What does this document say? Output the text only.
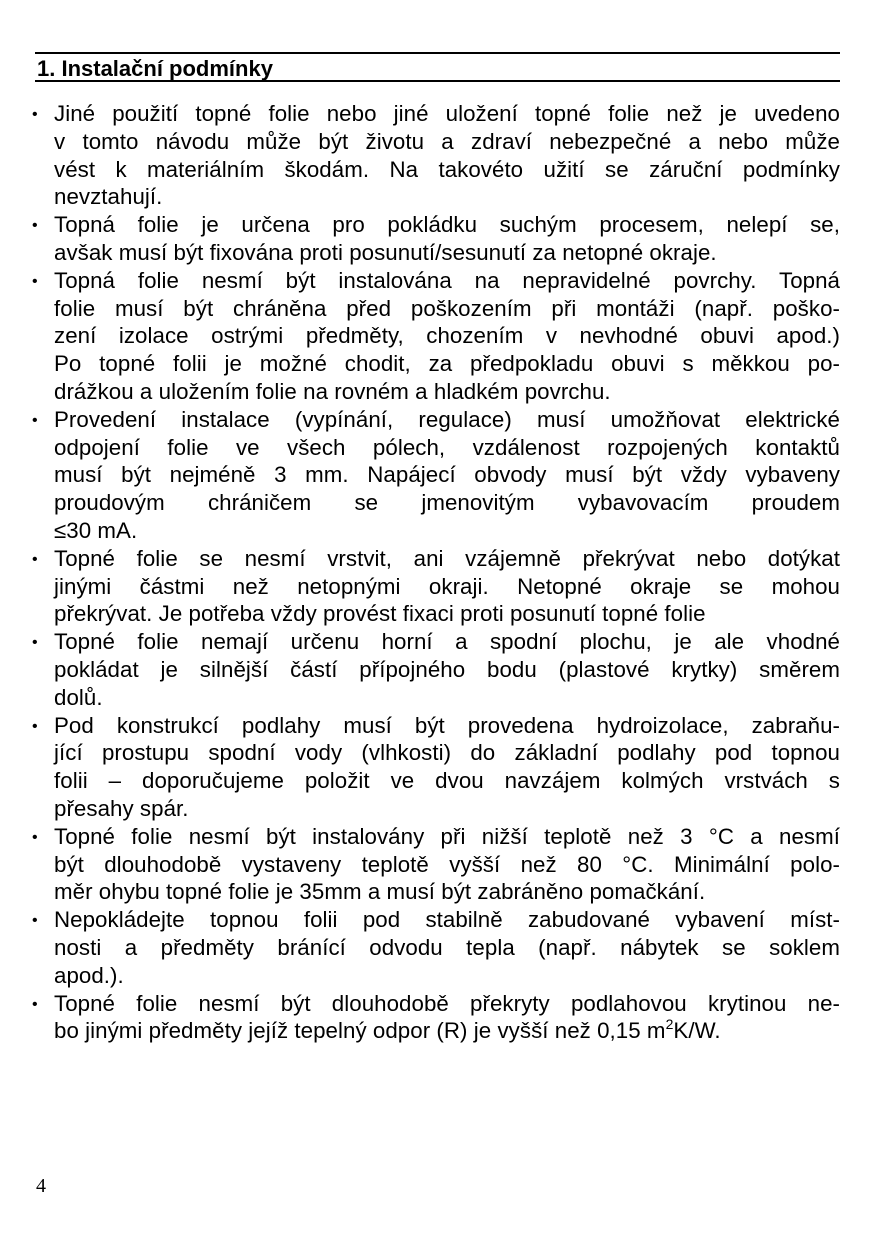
1. Instalační podmínky
• Jiné použití topné folie nebo jiné uložení topné folie než je uvedeno
v tomto návodu může být životu a zdraví nebezpečné a nebo může
vést k materiálním škodám. Na takovéto užití se záruční podmínky
nevztahují.
• Topná folie je určena pro pokládku suchým procesem, nelepí se,
avšak musí být fixována proti posunutí/sesunutí za netopné okraje.
• Topná folie nesmí být instalována na nepravidelné povrchy. Topná
folie musí být chráněna před poškozením při montáži (např. poško-
zení izolace ostrými předměty, chozením v nevhodné obuvi apod.)
Po topné folii je možné chodit, za předpokladu obuvi s měkkou po-
drážkou a uložením folie na rovném a hladkém povrchu.
• Provedení instalace (vypínání, regulace) musí umožňovat elektrické
odpojení folie ve všech pólech, vzdálenost rozpojených kontaktů
musí být nejméně 3 mm. Napájecí obvody musí být vždy vybaveny
proudovým chráničem se jmenovitým vybavovacím proudem
≤30 mA.
• Topné folie se nesmí vrstvit, ani vzájemně překrývat nebo dotýkat
jinými částmi než netopnými okraji. Netopné okraje se mohou
překrývat. Je potřeba vždy provést fixaci proti posunutí topné folie
• Topné folie nemají určenu horní a spodní plochu, je ale vhodné
pokládat je silnější částí přípojného bodu (plastové krytky) směrem
dolů.
• Pod konstrukcí podlahy musí být provedena hydroizolace, zabraňu-
jící prostupu spodní vody (vlhkosti) do základní podlahy pod topnou
folii – doporučujeme položit ve dvou navzájem kolmých vrstvách s
přesahy spár.
• Topné folie nesmí být instalovány při nižší teplotě než 3 °C a nesmí
být dlouhodobě vystaveny teplotě vyšší než 80 °C. Minimální polo-
měr ohybu topné folie je 35mm a musí být zabráněno pomačkání.
• Nepokládejte topnou folii pod stabilně zabudované vybavení míst-
nosti a předměty bránící odvodu tepla (např. nábytek se soklem
apod.).
• Topné folie nesmí být dlouhodobě překryty podlahovou krytinou ne-
bo jinými předměty jejíž tepelný odpor (R) je vyšší než 0,15 $m^2K/W$.
4
